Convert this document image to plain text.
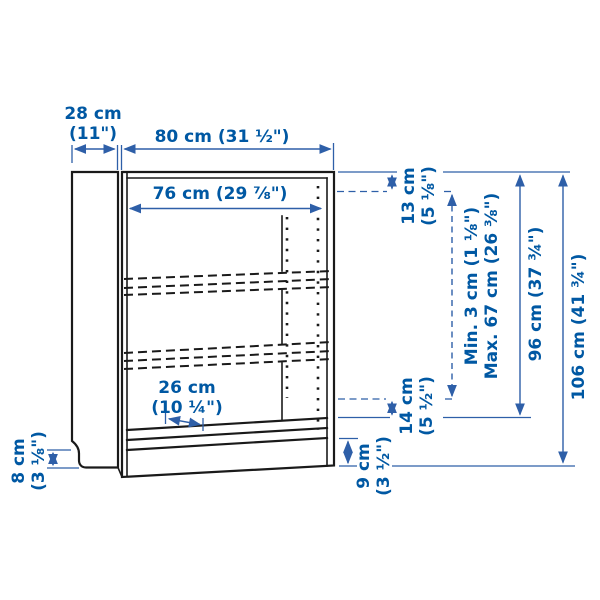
28 cm
(11") 80 cm (31 ½")
76 cm (29 ⅞")
26 cm
(10 ¼")
13 cm (5 ⅛")
Min. 3 cm (1 ⅛") Max. 67 cm (26 ⅜") 96 cm (37 ¾") 106 cm (41 ¾")
14 cm (5 ½")
9 cm (3 ½")
8 cm (3 ⅛")
